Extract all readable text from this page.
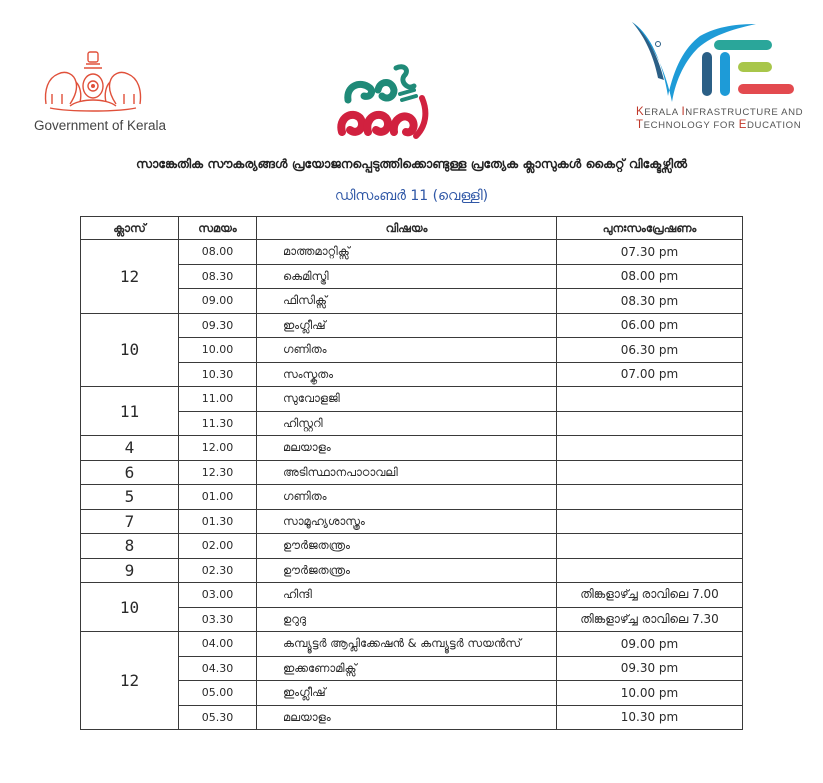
Government of Kerala
KERALA INFRASTRUCTURE AND
TECHNOLOGY FOR EDUCATION
സാങ്കേതിക സൗകര്യങ്ങൾ പ്രയോജനപ്പെടുത്തിക്കൊണ്ടുള്ള പ്രത്യേക ക്ലാസുകൾ കൈറ്റ് വിക്ടേഴ്സിൽ
ഡിസംബർ 11 (വെള്ളി)
ക്ലാസ്	സമയം	വിഷയം	പുനഃസംപ്രേഷണം
12	08.00	മാത്തമാറ്റിക്സ്	07.30 pm
08.30	കെമിസ്ട്രി	08.00 pm
09.00	ഫിസിക്സ്	08.30 pm
10	09.30	ഇംഗ്ലീഷ്	06.00 pm
10.00	ഗണിതം	06.30 pm
10.30	സംസ്കൃതം	07.00 pm
11	11.00	സുവോളജി	
11.30	ഹിസ്റ്ററി	
4	12.00	മലയാളം	
6	12.30	അടിസ്ഥാനപാഠാവലി	
5	01.00	ഗണിതം	
7	01.30	സാമൂഹ്യശാസ്ത്രം	
8	02.00	ഊർജതന്ത്രം	
9	02.30	ഊർജതന്ത്രം	
10	03.00	ഹിന്ദി	തിങ്കളാഴ്ച്ച രാവിലെ 7.00
03.30	ഉറുദു	തിങ്കളാഴ്ച്ച രാവിലെ 7.30
12	04.00	കമ്പ്യൂട്ടർ ആപ്ലിക്കേഷൻ & കമ്പ്യൂട്ടർ സയൻസ്	09.00 pm
04.30	ഇക്കണോമിക്സ്	09.30 pm
05.00	ഇംഗ്ലീഷ്	10.00 pm
05.30	മലയാളം	10.30 pm
